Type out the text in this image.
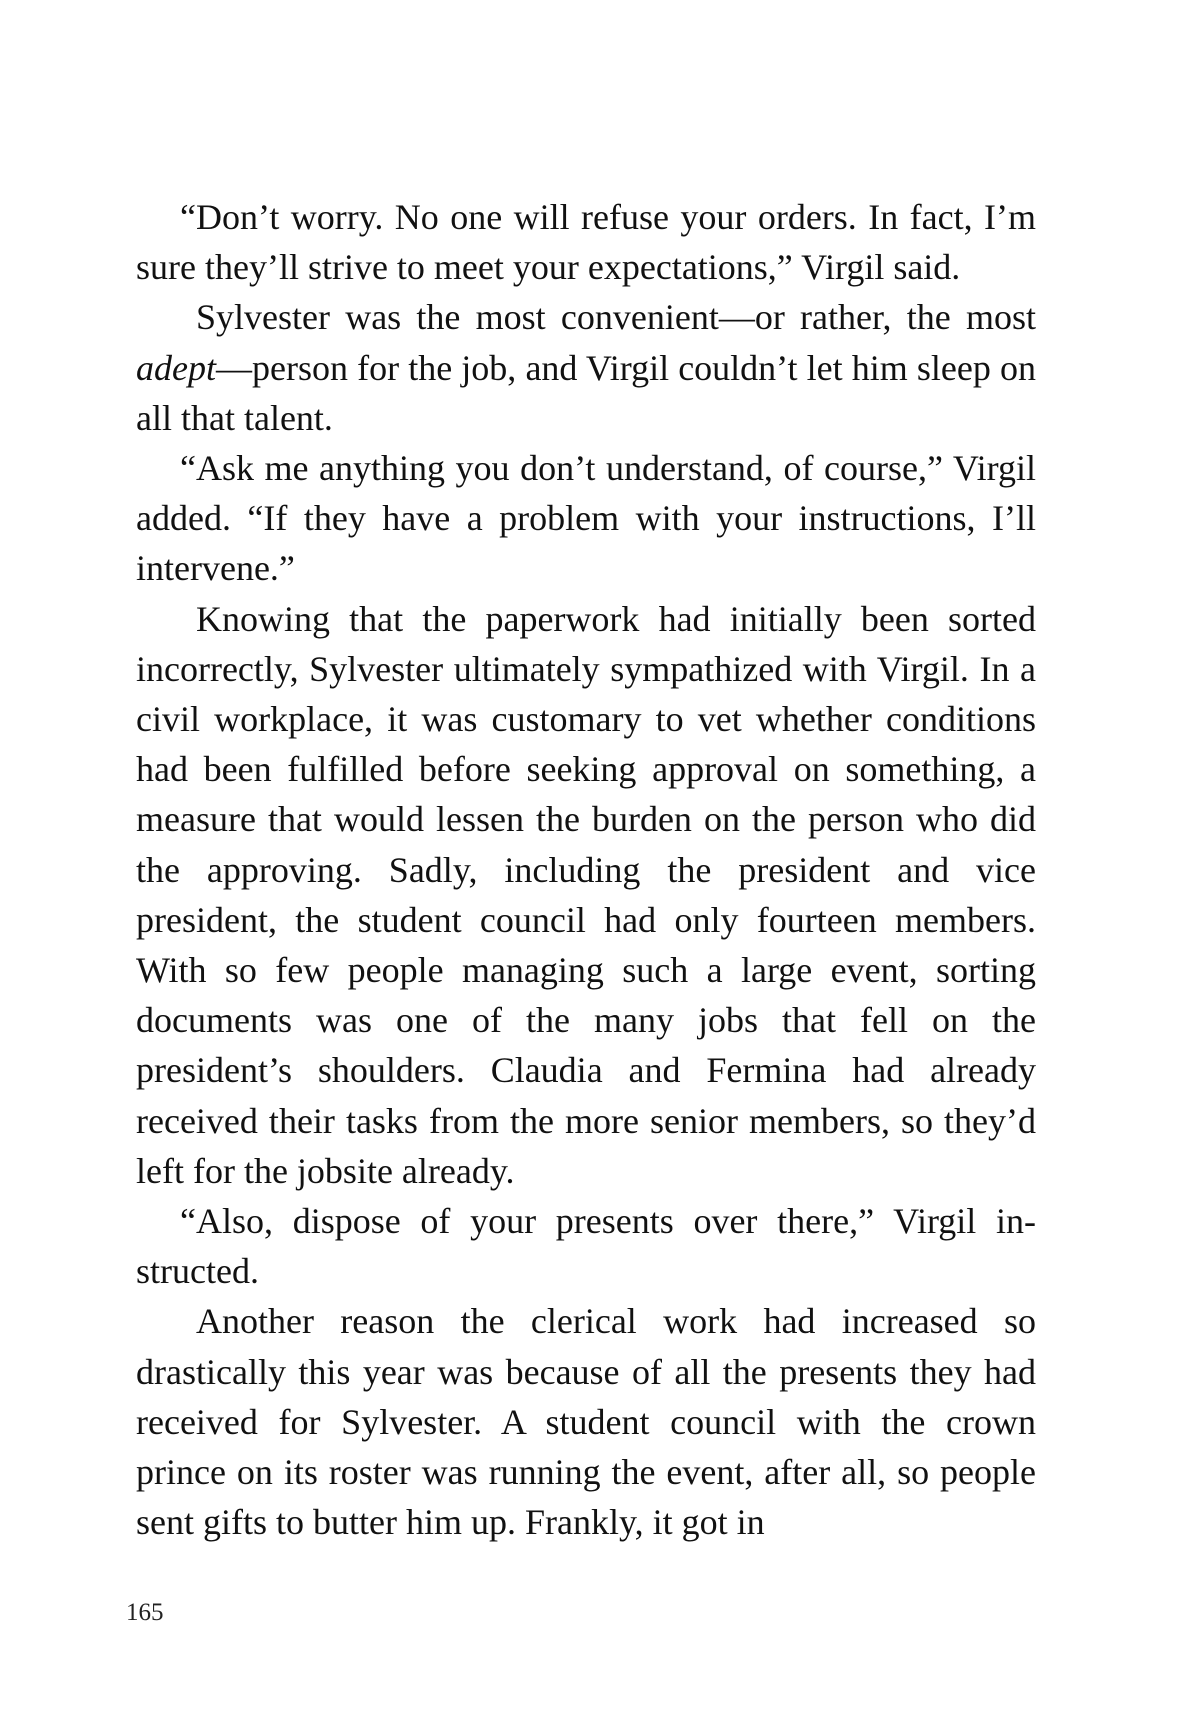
“Don’t worry. No one will refuse your orders. In fact, I’m sure they’ll strive to meet your expectations,” Virgil said.

Sylvester was the most convenient—or rather, the most adept—person for the job, and Virgil couldn’t let him sleep on all that talent.

“Ask me anything you don’t understand, of course,” Virgil added. “If they have a problem with your instructions, I’ll intervene.”

Knowing that the paperwork had initially been sorted incorrectly, Sylvester ultimately sympathized with Virgil. In a civil workplace, it was customary to vet whether conditions had been fulfilled before seeking approval on something, a measure that would lessen the burden on the person who did the approving. Sadly, including the president and vice president, the student council had only fourteen members. With so few people managing such a large event, sorting documents was one of the many jobs that fell on the president’s shoulders. Claudia and Fermina had already received their tasks from the more senior members, so they’d left for the jobsite already.

“Also, dispose of your presents over there,” Virgil instructed.

Another reason the clerical work had increased so drastically this year was because of all the presents they had received for Sylvester. A student council with the crown prince on its roster was running the event, after all, so people sent gifts to butter him up. Frankly, it got in

165
